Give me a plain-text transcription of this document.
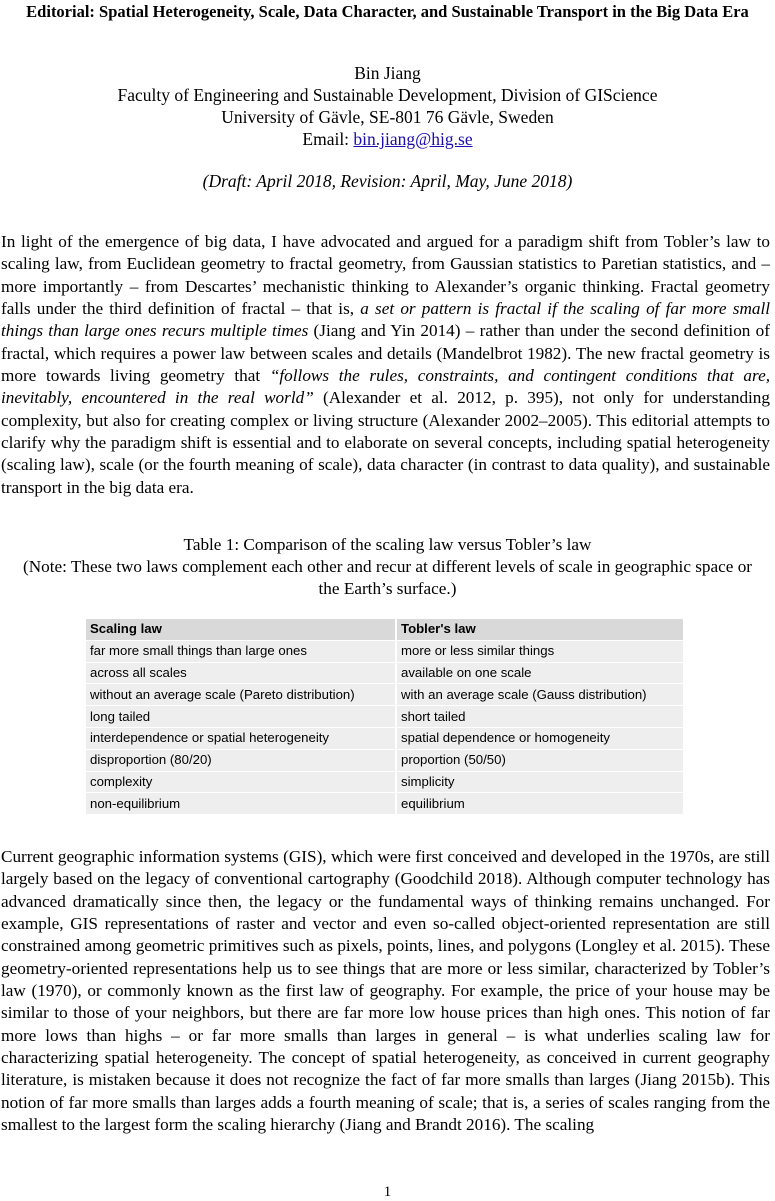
Editorial: Spatial Heterogeneity, Scale, Data Character, and Sustainable Transport in the Big Data Era
Bin Jiang
Faculty of Engineering and Sustainable Development, Division of GIScience
University of Gävle, SE-801 76 Gävle, Sweden
Email: bin.jiang@hig.se
(Draft: April 2018, Revision: April, May, June 2018)

In light of the emergence of big data, I have advocated and argued for a paradigm shift from Tobler’s law to scaling law, from Euclidean geometry to fractal geometry, from Gaussian statistics to Paretian statistics, and – more importantly – from Descartes’ mechanistic thinking to Alexander’s organic thinking. Fractal geometry falls under the third definition of fractal – that is, a set or pattern is fractal if the scaling of far more small things than large ones recurs multiple times (Jiang and Yin 2014) – rather than under the second definition of fractal, which requires a power law between scales and details (Mandelbrot 1982). The new fractal geometry is more towards living geometry that “follows the rules, constraints, and contingent conditions that are, inevitably, encountered in the real world” (Alexander et al. 2012, p. 395), not only for understanding complexity, but also for creating complex or living structure (Alexander 2002–2005). This editorial attempts to clarify why the paradigm shift is essential and to elaborate on several concepts, including spatial heterogeneity (scaling law), scale (or the fourth meaning of scale), data character (in contrast to data quality), and sustainable transport in the big data era.

Table 1: Comparison of the scaling law versus Tobler’s law
(Note: These two laws complement each other and recur at different levels of scale in geographic space or the Earth’s surface.)
Scaling law	Tobler's law
far more small things than large ones	more or less similar things
across all scales	available on one scale
without an average scale (Pareto distribution)	with an average scale (Gauss distribution)
long tailed	short tailed
interdependence or spatial heterogeneity	spatial dependence or homogeneity
disproportion (80/20)	proportion (50/50)
complexity	simplicity
non-equilibrium	equilibrium

Current geographic information systems (GIS), which were first conceived and developed in the 1970s, are still largely based on the legacy of conventional cartography (Goodchild 2018). Although computer technology has advanced dramatically since then, the legacy or the fundamental ways of thinking remains unchanged. For example, GIS representations of raster and vector and even so-called object-oriented representation are still constrained among geometric primitives such as pixels, points, lines, and polygons (Longley et al. 2015). These geometry-oriented representations help us to see things that are more or less similar, characterized by Tobler’s law (1970), or commonly known as the first law of geography. For example, the price of your house may be similar to those of your neighbors, but there are far more low house prices than high ones. This notion of far more lows than highs – or far more smalls than larges in general – is what underlies scaling law for characterizing spatial heterogeneity. The concept of spatial heterogeneity, as conceived in current geography literature, is mistaken because it does not recognize the fact of far more smalls than larges (Jiang 2015b). This notion of far more smalls than larges adds a fourth meaning of scale; that is, a series of scales ranging from the smallest to the largest form the scaling hierarchy (Jiang and Brandt 2016). The scaling

1
